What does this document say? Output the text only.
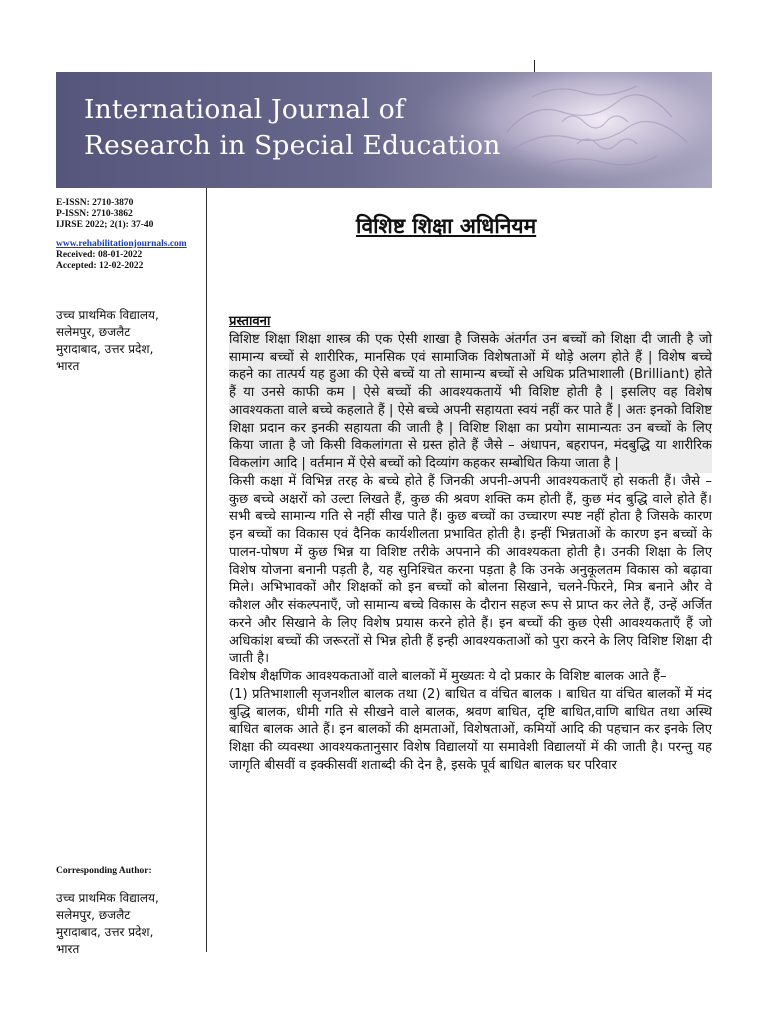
International Journal of
Research in Special Education
E-ISSN: 2710-3870
P-ISSN: 2710-3862
IJRSE 2022; 2(1): 37-40
www.rehabilitationjournals.com
Received: 08-01-2022
Accepted: 12-02-2022
उच्च प्राथमिक विद्यालय,
सलेमपुर, छजलैट
मुरादाबाद, उत्तर प्रदेश,
भारत
Corresponding Author:
उच्च प्राथमिक विद्यालय,
सलेमपुर, छजलैट
मुरादाबाद, उत्तर प्रदेश,
भारत
विशिष्ट शिक्षा अधिनियम

प्रस्तावना

विशिष्ट शिक्षा शिक्षा शास्त्र की एक ऐसी शाखा है जिसके अंतर्गत उन बच्चों को शिक्षा दी जाती है जो सामान्य बच्चों से शारीरिक, मानसिक एवं सामाजिक विशेषताओं में थोड़े अलग होते हैं | विशेष बच्चे कहने का तात्पर्य यह हुआ की ऐसे बच्चें या तो सामान्य बच्चों से अधिक प्रतिभाशाली (Brilliant) होते हैं या उनसे काफी कम | ऐसे बच्चों की आवश्यकतायें भी विशिष्ट होती है | इसलिए वह विशेष आवश्यकता वाले बच्चे कहलाते हैं | ऐसे बच्चे अपनी सहायता स्वयं नहीं कर पाते हैं | अतः इनको विशिष्ट शिक्षा प्रदान कर इनकी सहायता की जाती है | विशिष्ट शिक्षा का प्रयोग सामान्यतः उन बच्चों के लिए किया जाता है जो किसी विकलांगता से ग्रस्त होते हैं जैसे – अंधापन, बहरापन, मंदबुद्धि या शारीरिक विकलांग आदि | वर्तमान में ऐसे बच्चों को दिव्यांग कहकर सम्बोधित किया जाता है |

किसी कक्षा में विभिन्न तरह के बच्चे होते हैं जिनकी अपनी-अपनी आवश्यकताएँ हो सकती हैं। जैसे – कुछ बच्चे अक्षरों को उल्टा लिखते हैं, कुछ की श्रवण शक्ति कम होती हैं, कुछ मंद बुद्धि वाले होते हैं। सभी बच्चे सामान्य गति से नहीं सीख पाते हैं। कुछ बच्चों का उच्चारण स्पष्ट नहीं होता है जिसके कारण इन बच्चों का विकास एवं दैनिक कार्यशीलता प्रभावित होती है। इन्हीं भिन्नताओं के कारण इन बच्चों के पालन-पोषण में कुछ भिन्न या विशिष्ट तरीके अपनाने की आवश्यकता होती है। उनकी शिक्षा के लिए विशेष योजना बनानी पड़ती है, यह सुनिश्चित करना पड़ता है कि उनके अनुकूलतम विकास को बढ़ावा मिले। अभिभावकों और शिक्षकों को इन बच्चों को बोलना सिखाने, चलने-फिरने, मित्र बनाने और वे कौशल और संकल्पनाएँ, जो सामान्य बच्चे विकास के दौरान सहज रूप से प्राप्त कर लेते हैं, उन्हें अर्जित करने और सिखाने के लिए विशेष प्रयास करने होते हैं। इन बच्चों की कुछ ऐसी आवश्यकताएँ हैं जो अधिकांश बच्चों की जरूरतों से भिन्न होती हैं इन्ही आवश्यकताओं को पुरा करने के लिए विशिष्ट शिक्षा दी जाती है।

विशेष शैक्षणिक आवश्यकताओं वाले बालकों में मुख्यतः ये दो प्रकार के विशिष्ट बालक आते हैं–

(1) प्रतिभाशाली सृजनशील बालक तथा (2) बाधित व वंचित बालक । बाधित या वंचित बालकों में मंद बुद्धि बालक, धीमी गति से सीखने वाले बालक, श्रवण बाधित, दृष्टि बाधित,वाणि बाधित तथा अस्थि बाधित बालक आते हैं। इन बालकों की क्षमताओं, विशेषताओं, कमियों आदि की पहचान कर इनके लिए शिक्षा की व्यवस्था आवश्यकतानुसार विशेष विद्यालयों या समावेशी विद्यालयों में की जाती है। परन्तु यह जागृति बीसवीं व इक्कीसवीं शताब्दी की देन है, इसके पूर्व बाधित बालक घर परिवार
